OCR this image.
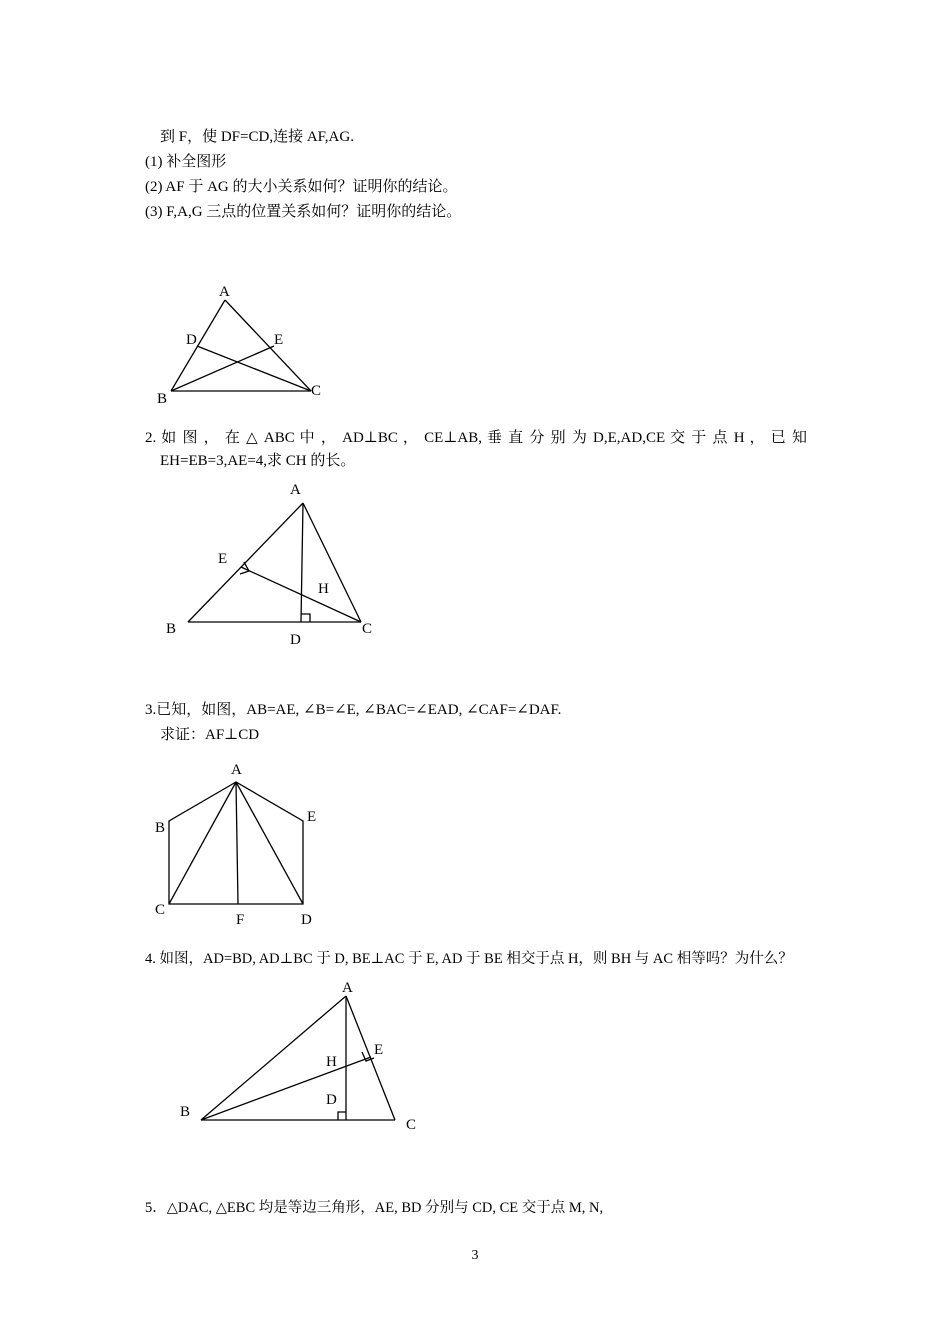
到 F，使 DF=CD,连接 AF,AG.
(1) 补全图形
(2) AF 于 AG 的大小关系如何？证明你的结论。
(3) F,A,G 三点的位置关系如何？证明你的结论。
A
D	E
B	C
A
E
H
B
D
C
A
B
E
C
F	D
A
E
H
D
B
C
2. 如 图 ， 在 △ ABC 中 ， AD⊥BC ， CE⊥AB, 垂 直 分 别 为 D,E,AD,CE 交 于 点 H ， 已 知
EH=EB=3,AE=4,求 CH 的长。
3.已知，如图，AB=AE, ∠B=∠E, ∠BAC=∠EAD, ∠CAF=∠DAF.
求证：AF⊥CD
4. 如图，AD=BD, AD⊥BC 于 D, BE⊥AC 于 E, AD 于 BE 相交于点 H，则 BH 与 AC 相等吗？为什么？
5．△DAC, △EBC 均是等边三角形，AE, BD 分别与 CD, CE 交于点 M, N,
3
